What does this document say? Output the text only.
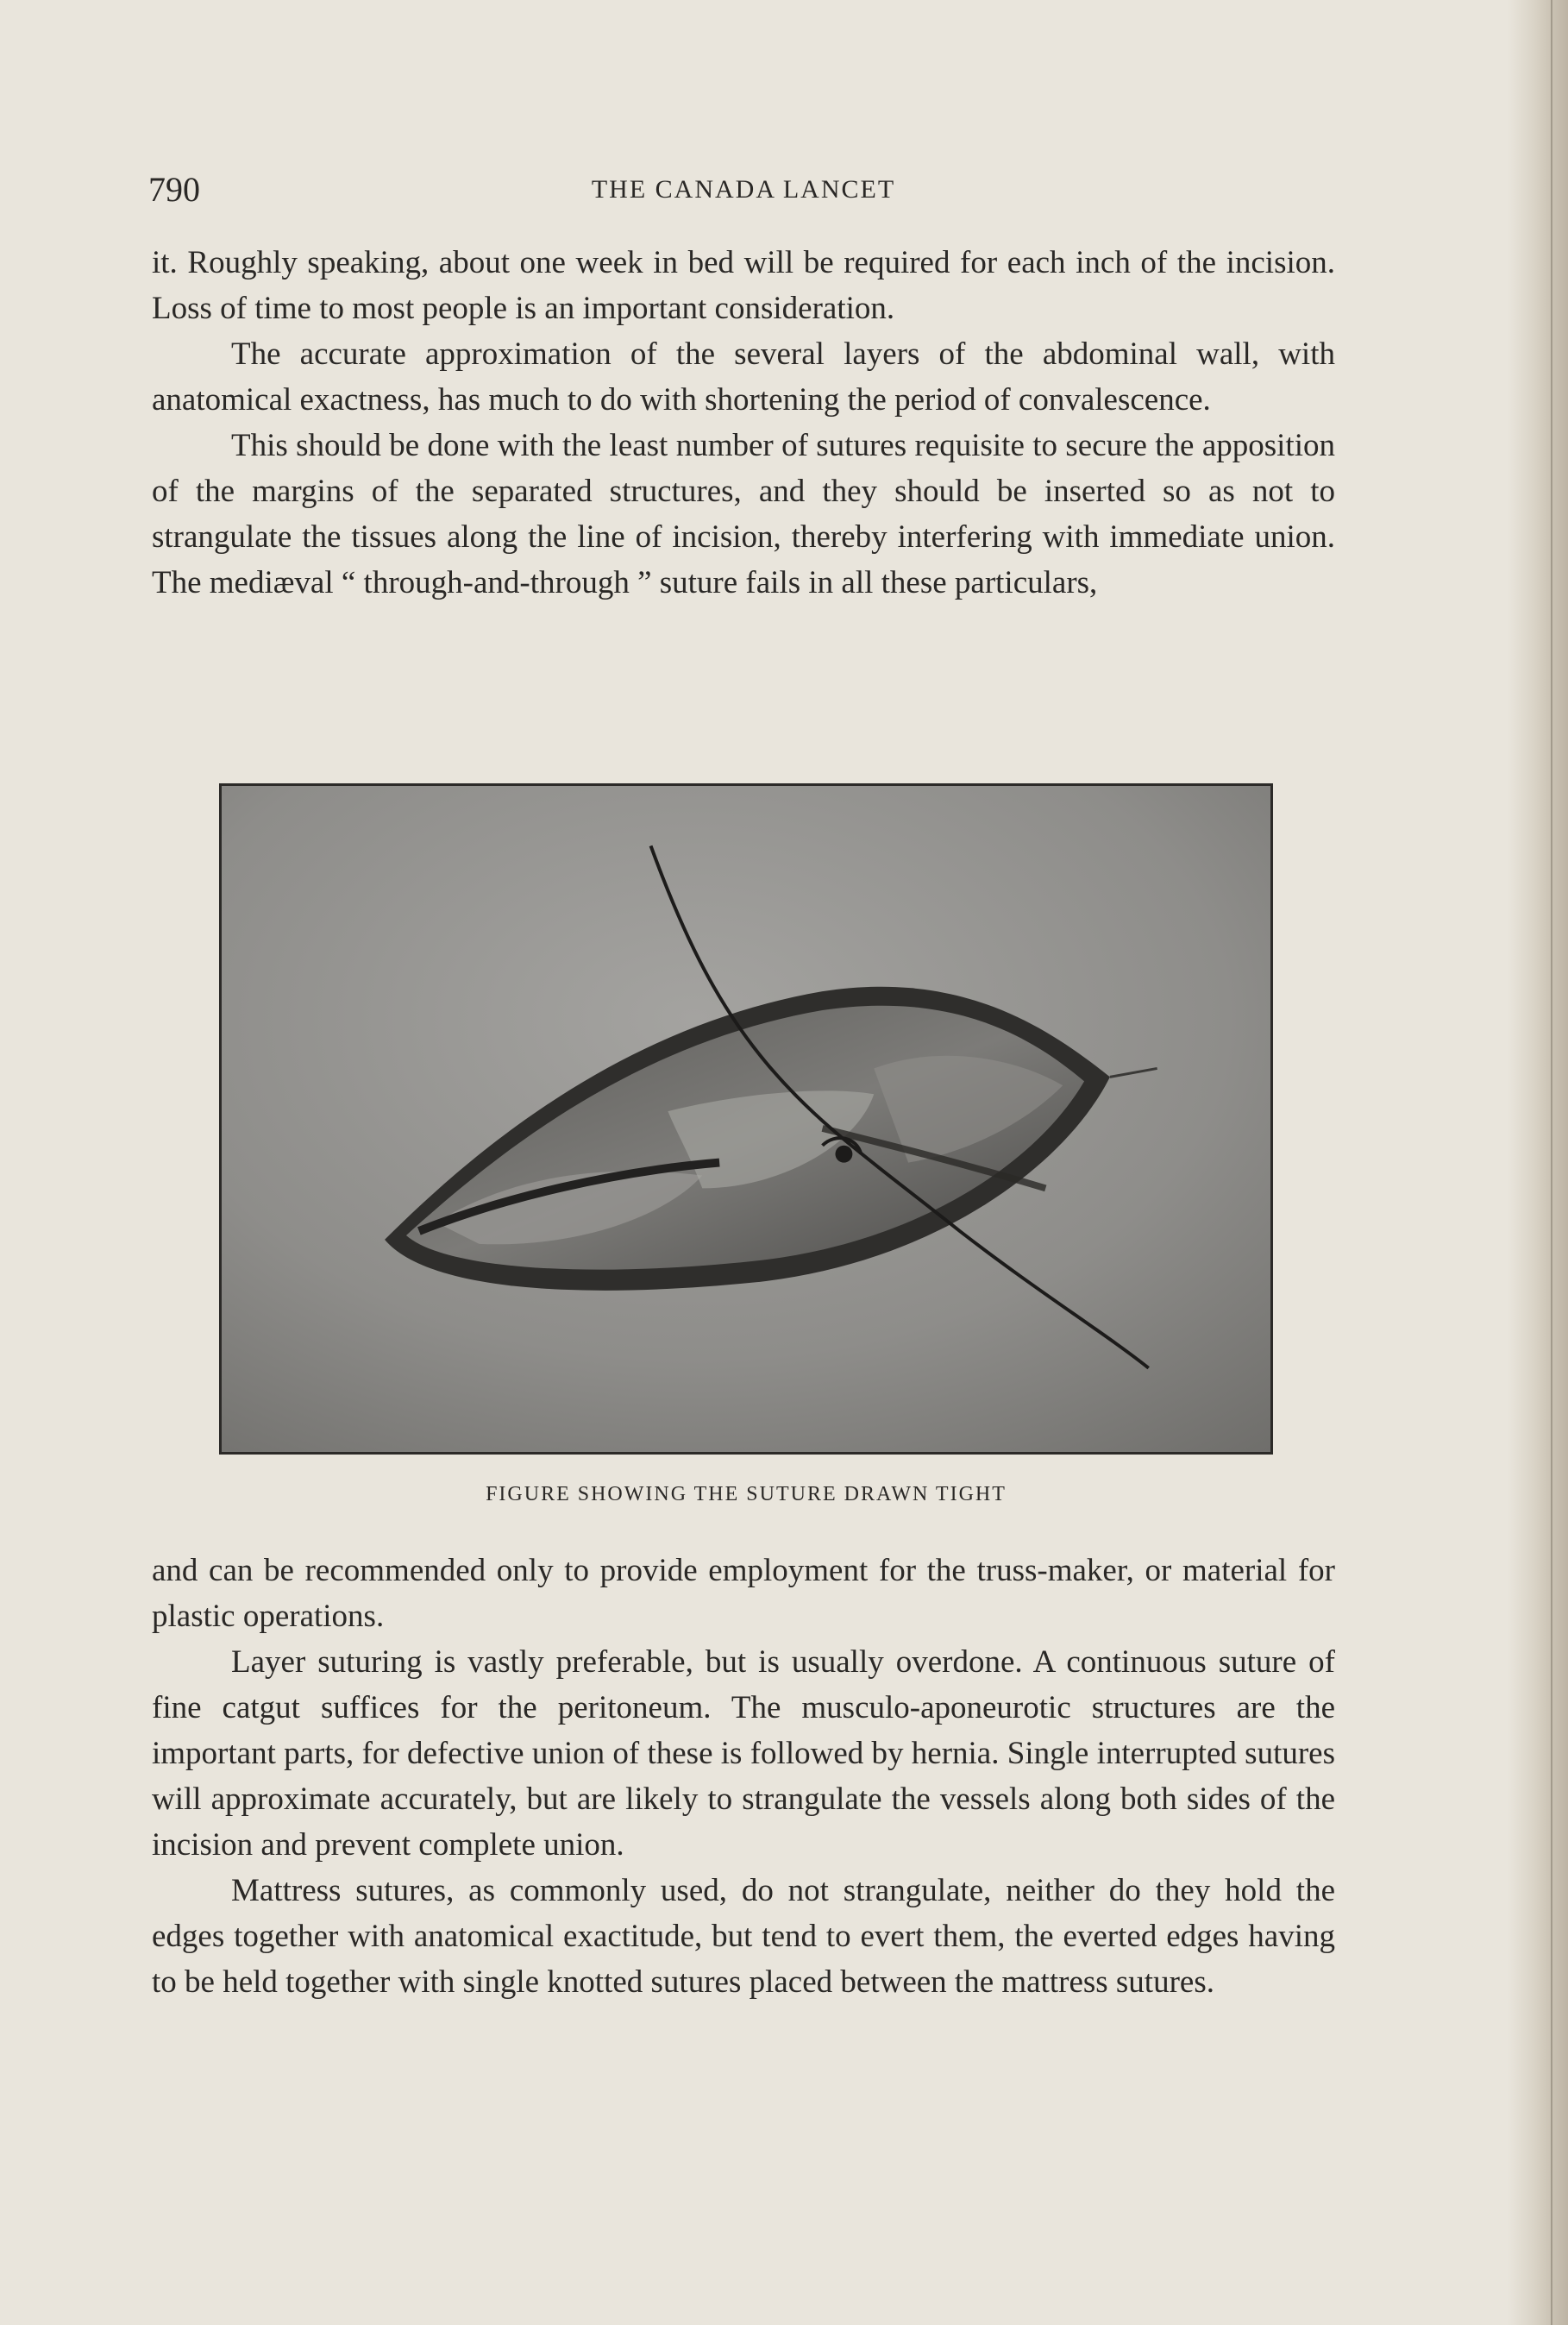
790	THE CANADA LANCET

it. Roughly speaking, about one week in bed will be required for each inch of the incision. Loss of time to most people is an important consideration.

The accurate approximation of the several layers of the abdominal wall, with anatomical exactness, has much to do with shortening the period of convalescence.

This should be done with the least number of sutures requisite to secure the apposition of the margins of the separated structures, and they should be inserted so as not to strangulate the tissues along the line of incision, thereby interfering with immediate union. The mediæval “ through-and-through ” suture fails in all these particulars,

FIGURE SHOWING THE SUTURE DRAWN TIGHT

and can be recommended only to provide employment for the truss-maker, or material for plastic operations.

Layer suturing is vastly preferable, but is usually overdone. A continuous suture of fine catgut suffices for the peritoneum. The musculo-aponeurotic structures are the important parts, for defective union of these is followed by hernia. Single interrupted sutures will approximate accurately, but are likely to strangulate the vessels along both sides of the incision and prevent complete union.

Mattress sutures, as commonly used, do not strangulate, neither do they hold the edges together with anatomical exactitude, but tend to evert them, the everted edges having to be held together with single knotted sutures placed between the mattress sutures.
